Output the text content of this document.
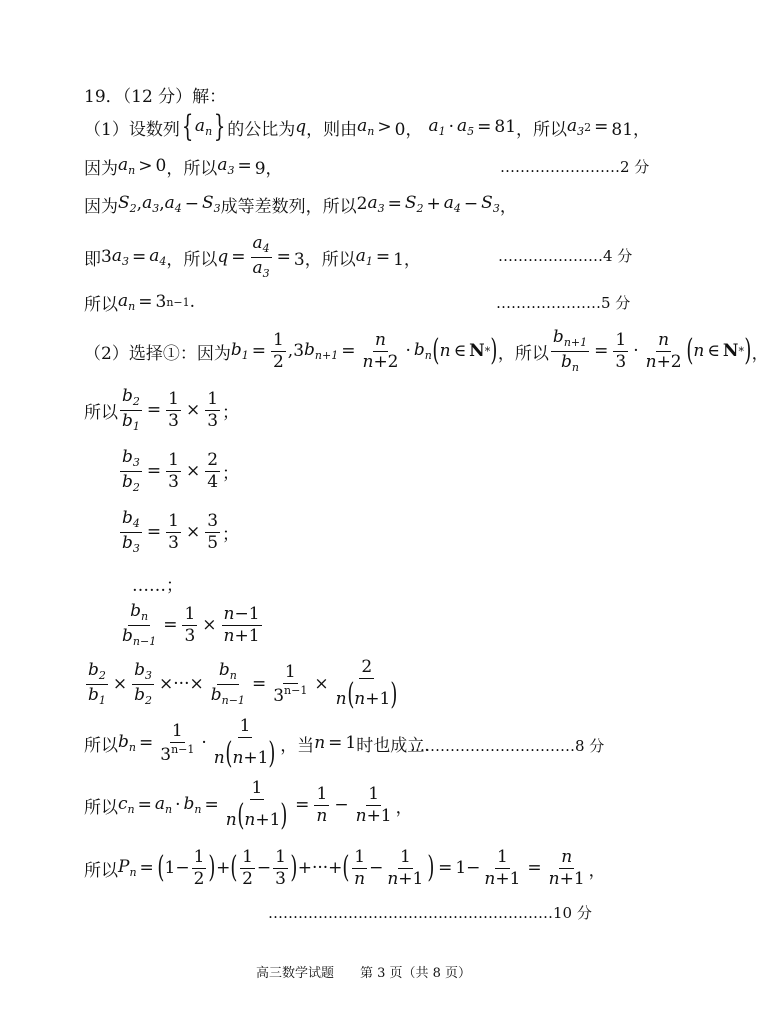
19．（12 分）解：
（1）设数列 { $a_n$ } 的公比为 q ，则由 $a_n > 0$， $a_1 \cdot a_5 = 81$ ，所以 $a_3$ 2 = 81，
因为 $a_n > 0$ ， 所以 $a_3 = 9$，	……………………2 分
因为 $S_2$ , $a_3$ , $a_4 - S_3$ 成等差数列，所以 2 $a_3 = S_2 + a_4 - S_3$ ，
即 3 $a_3 = a_4$ ， 所以 $q = \frac{a_4}{a_3} = 3$， 所以 $a_1 = 1$，	…………………4 分
所以 $a_n = 3$ n−1 .	…………………5 分
（2）选择①：因为 $b_1 = \frac{1}{2} ,3$ $b_{n+1} = \frac{n}{n+2} \cdot b_n$ ( n ∈ N * ) ， 所以 $\frac{b_{n+1}}{b_n} = \frac{1}{3} \cdot \frac{n}{n+2}$ ( n ∈ N * ) ，
所以 $\frac{b_2}{b_1} = \frac{1}{3} \times \frac{1}{3}$ ；
$\frac{b_3}{b_2} = \frac{1}{3} \times \frac{2}{4}$ ；
$\frac{b_4}{b_3} = \frac{1}{3} \times \frac{3}{5}$ ；
……；
$\frac{b_n}{b_{n-1}} = \frac{1}{3} \times \frac{n-1}{n+1}$
$\frac{b_2}{b_1} \times \frac{b_3}{b_2}$ ×···× $\frac{b_n}{b_{n-1}} = \frac{1}{3^{n-1}} \times \frac{2}{n(n+1)}$
所以 $b_n = \frac{1}{3^{n-1}} \cdot \frac{1}{n(n+1)}$ ，当 n = 1 时也成立.
……………………………8 分
所以 $c_n = a_n \cdot b_n = \frac{1}{n(n+1)} = \frac{1}{n} - \frac{1}{n+1}$ ，
所以 $P_n$ = ( $1- \frac{1}{2}$ ) + ( $\frac{1}{2} - \frac{1}{3}$ ) +···+ ( $\frac{1}{n} - \frac{1}{n+1}$ ) = $1- \frac{1}{n+1} = \frac{n}{n+1}$ ，
…………………………………………………10 分
高三数学试题　　第 3 页（共 8 页）
